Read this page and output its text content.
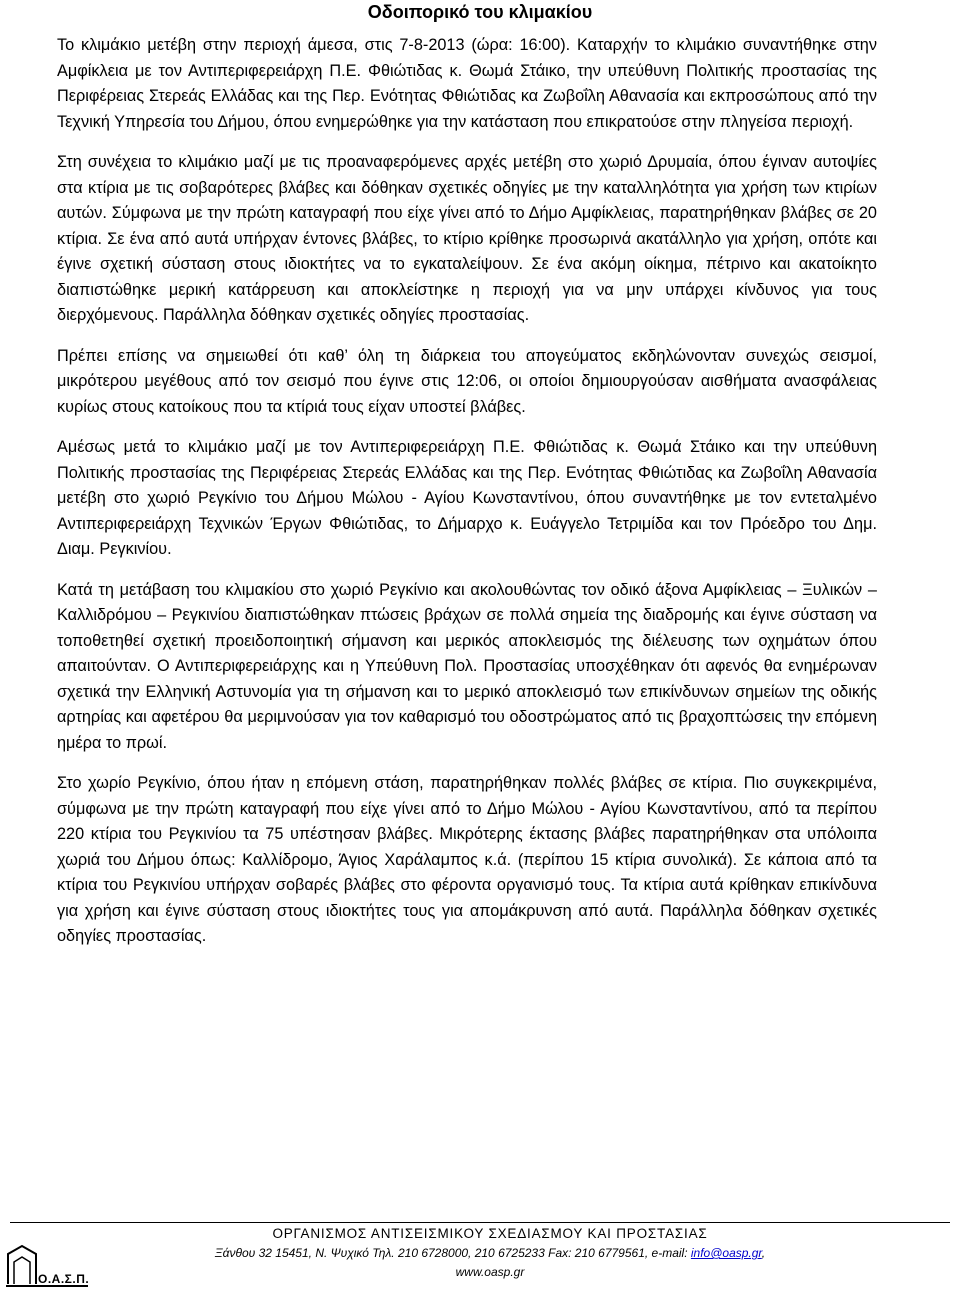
Οδοιπορικό του κλιμακίου

Το κλιμάκιο μετέβη στην περιοχή άμεσα, στις 7-8-2013 (ώρα: 16:00). Καταρχήν το κλιμάκιο συναντήθηκε στην Αμφίκλεια με τον Αντιπεριφερειάρχη Π.Ε. Φθιώτιδας κ. Θωμά Στάικο, την υπεύθυνη Πολιτικής προστασίας της Περιφέρειας Στερεάς Ελλάδας και της Περ. Ενότητας Φθιώτιδας κα Ζωβοΐλη Αθανασία και εκπροσώπους από την Τεχνική Υπηρεσία του Δήμου, όπου ενημερώθηκε για την κατάσταση που επικρατούσε στην πληγείσα περιοχή.

Στη συνέχεια το κλιμάκιο μαζί με τις προαναφερόμενες αρχές μετέβη στο χωριό Δρυμαία, όπου έγιναν αυτοψίες στα κτίρια με τις σοβαρότερες βλάβες και δόθηκαν σχετικές οδηγίες με την καταλληλότητα για χρήση των κτιρίων αυτών. Σύμφωνα με την πρώτη καταγραφή που είχε γίνει από το Δήμο Αμφίκλειας, παρατηρήθηκαν βλάβες σε 20 κτίρια. Σε ένα από αυτά υπήρχαν έντονες βλάβες, το κτίριο κρίθηκε προσωρινά ακατάλληλο για χρήση, οπότε και έγινε σχετική σύσταση στους ιδιοκτήτες να το εγκαταλείψουν. Σε ένα ακόμη οίκημα, πέτρινο και ακατοίκητο διαπιστώθηκε μερική κατάρρευση και αποκλείστηκε η περιοχή για να μην υπάρχει κίνδυνος για τους διερχόμενους. Παράλληλα δόθηκαν σχετικές οδηγίες προστασίας.

Πρέπει επίσης να σημειωθεί ότι καθ’ όλη τη διάρκεια του απογεύματος εκδηλώνονταν συνεχώς σεισμοί, μικρότερου μεγέθους από τον σεισμό που έγινε στις 12:06, οι οποίοι δημιουργούσαν αισθήματα ανασφάλειας κυρίως στους κατοίκους που τα κτίριά τους είχαν υποστεί βλάβες.

Αμέσως μετά το κλιμάκιο μαζί με τον Αντιπεριφερειάρχη Π.Ε. Φθιώτιδας κ. Θωμά Στάικο και την υπεύθυνη Πολιτικής προστασίας της Περιφέρειας Στερεάς Ελλάδας και της Περ. Ενότητας Φθιώτιδας κα Ζωβοΐλη Αθανασία μετέβη στο χωριό Ρεγκίνιο του Δήμου Μώλου - Αγίου Κωνσταντίνου, όπου συναντήθηκε με τον εντεταλμένο Αντιπεριφερειάρχη Τεχνικών Έργων Φθιώτιδας, το Δήμαρχο κ. Ευάγγελο Τετριμίδα και τον Πρόεδρο του Δημ. Διαμ. Ρεγκινίου.

Κατά τη μετάβαση του κλιμακίου στο χωριό Ρεγκίνιο και ακολουθώντας τον οδικό άξονα Αμφίκλειας – Ξυλικών – Καλλιδρόμου – Ρεγκινίου διαπιστώθηκαν πτώσεις βράχων σε πολλά σημεία της διαδρομής και έγινε σύσταση να τοποθετηθεί σχετική προειδοποιητική σήμανση και μερικός αποκλεισμός της διέλευσης των οχημάτων όπου απαιτούνταν. Ο Αντιπεριφερειάρχης και η Υπεύθυνη Πολ. Προστασίας υποσχέθηκαν ότι αφενός θα ενημέρωναν σχετικά την Ελληνική Αστυνομία για τη σήμανση και το μερικό αποκλεισμό των επικίνδυνων σημείων της οδικής αρτηρίας και αφετέρου θα μεριμνούσαν για τον καθαρισμό του οδοστρώματος από τις βραχοπτώσεις την επόμενη ημέρα το πρωί.

Στο χωρίο Ρεγκίνιο, όπου ήταν η επόμενη στάση, παρατηρήθηκαν πολλές βλάβες σε κτίρια. Πιο συγκεκριμένα, σύμφωνα με την πρώτη καταγραφή που είχε γίνει από το Δήμο Μώλου - Αγίου Κωνσταντίνου, από τα περίπου 220 κτίρια του Ρεγκινίου τα 75 υπέστησαν βλάβες. Μικρότερης έκτασης βλάβες παρατηρήθηκαν στα υπόλοιπα χωριά του Δήμου όπως: Καλλίδρομο, Άγιος Χαράλαμπος κ.ά. (περίπου 15 κτίρια συνολικά). Σε κάποια από τα κτίρια του Ρεγκινίου υπήρχαν σοβαρές βλάβες στο φέροντα οργανισμό τους. Τα κτίρια αυτά κρίθηκαν επικίνδυνα για χρήση και έγινε σύσταση στους ιδιοκτήτες τους για απομάκρυνση από αυτά. Παράλληλα δόθηκαν σχετικές οδηγίες προστασίας.

Ο.Α.Σ.Π.
ΟΡΓΑΝΙΣΜΟΣ ΑΝΤΙΣΕΙΣΜΙΚΟΥ ΣΧΕΔΙΑΣΜΟΥ ΚΑΙ ΠΡΟΣΤΑΣΙΑΣ
Ξάνθου 32 15451, Ν. Ψυχικό Τηλ. 210 6728000, 210 6725233 Fax: 210 6779561, e-mail: info@oasp.gr,
www.oasp.gr
